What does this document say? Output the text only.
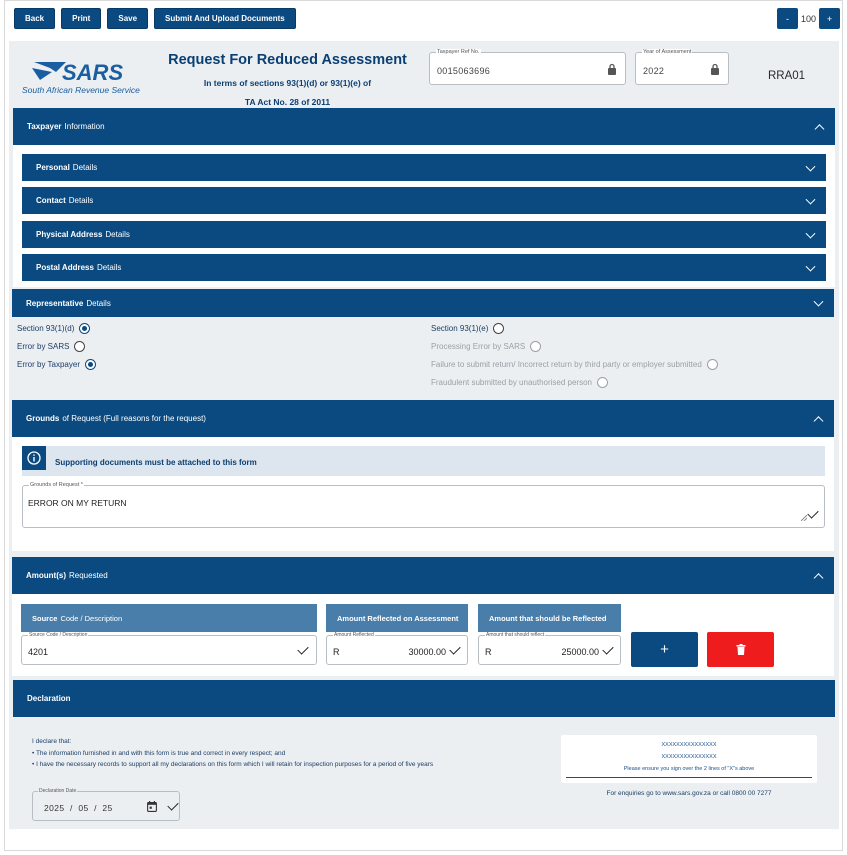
Back	Print	Save	Submit And Upload Documents	-	100	+
SARS
South African Revenue Service
Request For Reduced Assessment
In terms of sections 93(1)(d) or 93(1)(e) of
TA Act No. 28 of 2011
Taxpayer Ref No.
0015063696
Year of Assessment
2022	RRA01
Taxpayer Information
Personal Details
Contact Details
Physical Address Details
Postal Address Details
Representative Details
Section 93(1)(d)
Error by SARS
Error by Taxpayer
Section 93(1)(e)
Processing Error by SARS
Failure to submit return/ Incorrect return by third party or employer submitted
Fraudulent submitted by unauthorised person
Grounds of Request (Full reasons for the request)
Supporting documents must be attached to this form
Grounds of Request *
ERROR ON MY RETURN
Amount(s) Requested
Source Code / Description	Amount Reflected on Assessment	Amount that should be Reflected
Source Code / Description
4201
Amount Reflected
R	30000.00
Amount that should reflect
R	25000.00	+
Declaration
I declare that:
• The information furnished in and with this form is true and correct in every respect; and
• I have the necessary records to support all my declarations on this form which I will retain for inspection purposes for a period of five years
Declaration Date
2025  /  05  /  25
XXXXXXXXXXXXXXX
XXXXXXXXXXXXXXX
Please ensure you sign over the 2 lines of "X"s above
For enquiries go to www.sars.gov.za or call 0800 00 7277
